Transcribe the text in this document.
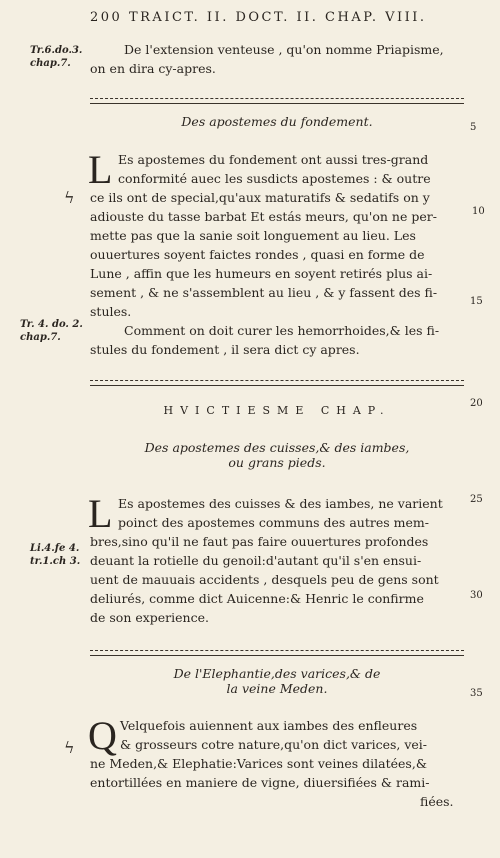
200 TRAICT. II. DOCT. II. CHAP. VIII.
Tr.6.do.3.
chap.7.
De l'extension venteuse , qu'on nomme Priapisme,
on en dira cy-apres.
Des apostemes du fondement.	5
L
ϟ
Es apostemes du fondement ont aussi tres-grand
conformité auec les susdicts apostemes : & outre
ce ils ont de special,qu'aux maturatifs & sedatifs on y
adiouste du tasse barbat Et estás meurs, qu'on ne per-
mette pas que la sanie soit longuement au lieu. Les
ouuertures soyent faictes rondes , quasi en forme de
Lune , affin que les humeurs en soyent retirés plus ai-
sement , & ne s'assemblent au lieu , & y fassent des fi-
stules.
Comment on doit curer les hemorrhoides,& les fi-
stules du fondement , il sera dict cy apres.
10
15
Tr. 4. do. 2.
chap.7.
20
HVICTIESME CHAP.
Des apostemes des cuisses,& des iambes,
ou grans pieds.
L	25
Es apostemes des cuisses & des iambes, ne varient
poinct des apostemes communs des autres mem-
bres,sino qu'il ne faut pas faire ouuertures profondes
deuant la rotielle du genoil:d'autant qu'il s'en ensui-
uent de mauuais accidents , desquels peu de gens sont
deliurés, comme dict Auicenne:& Henric le confirme
de son experience.
Li.4.fe 4.
tr.1.ch 3.
30
De l'Elephantie,des varices,& de
la veine Meden.	35
Q
ϟ
Velquefois auiennent aux iambes des enfleures
& grosseurs cotre nature,qu'on dict varices, vei-
ne Meden,& Elephatie:Varices sont veines dilatées,&
entortillées en maniere de vigne, diuersifiées & rami-
fiées.
